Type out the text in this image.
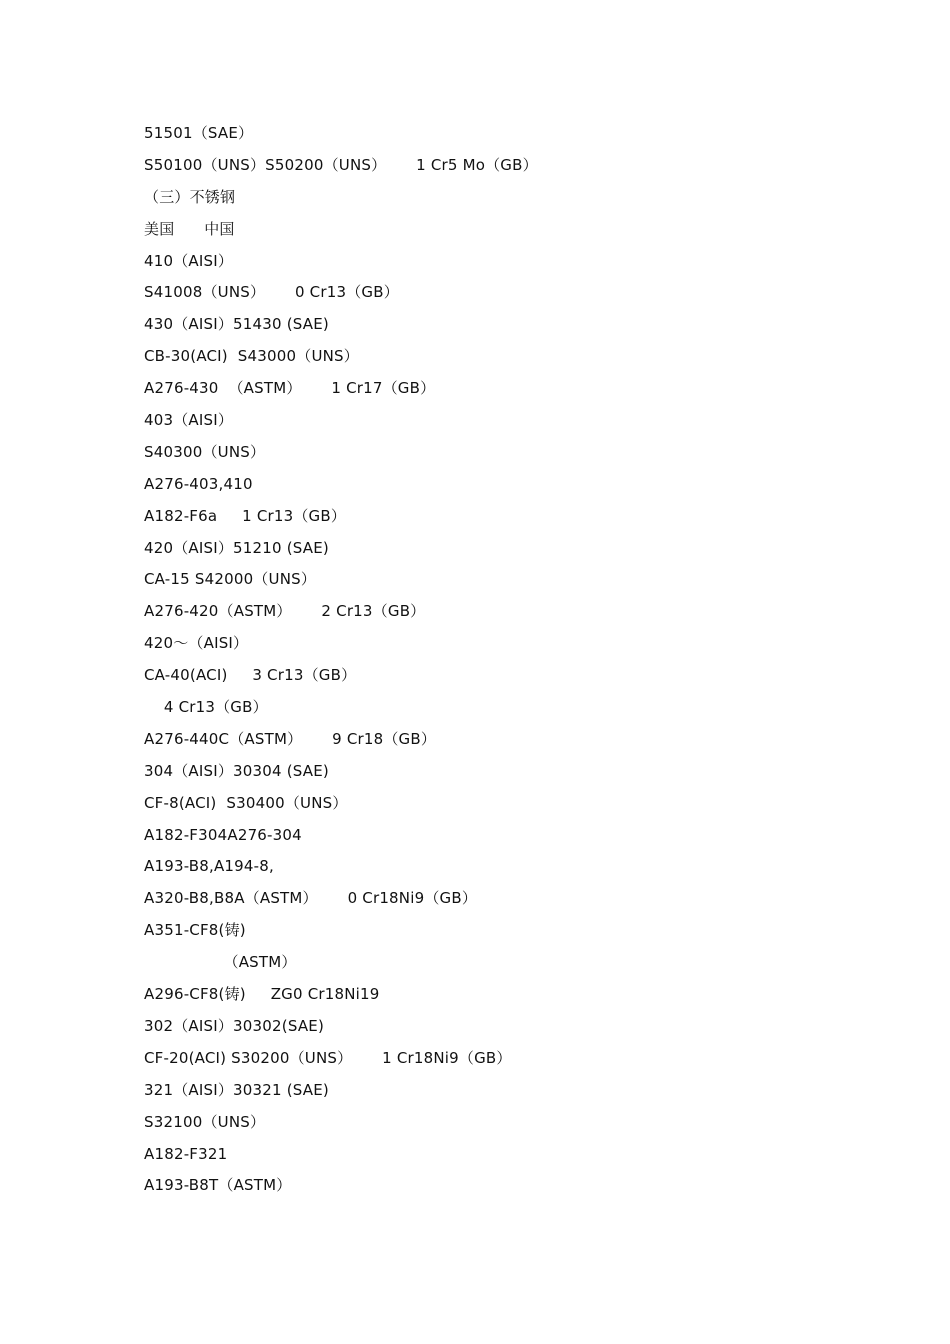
51501（SAE）
S50100（UNS）S50200（UNS）      1 Cr5 Mo（GB）
（三）不锈钢
美国      中国
410（AISI）
S41008（UNS）      0 Cr13（GB）
430（AISI）51430 (SAE)
CB-30(ACI)  S43000（UNS）
A276-430  （ASTM）      1 Cr17（GB）
403（AISI）
S40300（UNS）
A276-403,410
A182-F6a     1 Cr13（GB）
420（AISI）51210 (SAE)
CA-15 S42000（UNS）
A276-420（ASTM）      2 Cr13（GB）
420～（AISI）
CA-40(ACI)     3 Cr13（GB）
4 Cr13（GB）
A276-440C（ASTM）      9 Cr18（GB）
304（AISI）30304 (SAE)
CF-8(ACI)  S30400（UNS）
A182-F304A276-304
A193-B8,A194-8,
A320-B8,B8A（ASTM）      0 Cr18Ni9（GB）
A351-CF8(铸)
（ASTM）
A296-CF8(铸)     ZG0 Cr18Ni19
302（AISI）30302(SAE)
CF-20(ACI) S30200（UNS）      1 Cr18Ni9（GB）
321（AISI）30321 (SAE)
S32100（UNS）
A182-F321
A193-B8T（ASTM）
